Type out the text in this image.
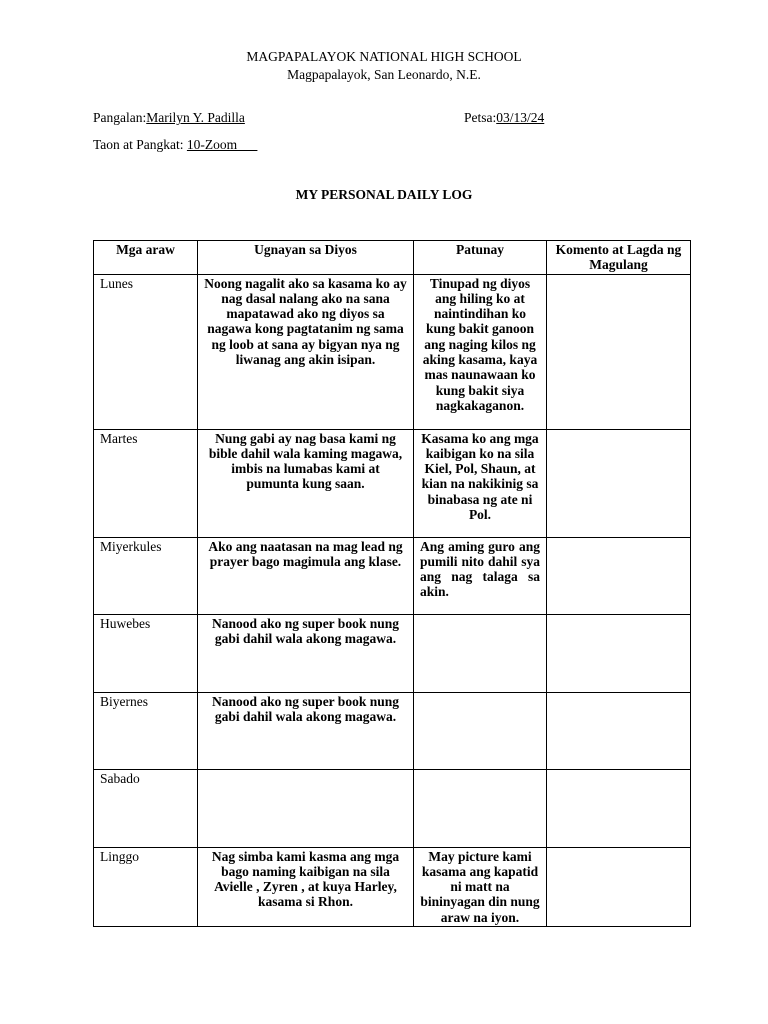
MAGPAPALAYOK NATIONAL HIGH SCHOOL
Magpapalayok, San Leonardo, N.E.
Pangalan:Marilyn Y. Padilla	Petsa:03/13/24
Taon at Pangkat: 10-Zoom
MY PERSONAL DAILY LOG
Mga araw	Ugnayan sa Diyos	Patunay	Komento at Lagda ng Magulang
Lunes	Noong nagalit ako sa kasama ko ay nag dasal nalang ako na sana mapatawad ako ng diyos sa nagawa kong pagtatanim ng sama ng loob at sana ay bigyan nya ng liwanag ang akin isipan.	Tinupad ng diyos ang hiling ko at naintindihan ko kung bakit ganoon ang naging kilos ng aking kasama, kaya mas naunawaan ko kung bakit siya nagkakaganon.	
Martes	Nung gabi ay nag basa kami ng bible dahil wala kaming magawa, imbis na lumabas kami at pumunta kung saan.	Kasama ko ang mga kaibigan ko na sila Kiel, Pol, Shaun, at kian na nakikinig sa binabasa ng ate ni Pol.	
Miyerkules	Ako ang naatasan na mag lead ng prayer bago magimula ang klase.	Ang aming guro ang pumili nito dahil sya ang nag talaga sa akin.	
Huwebes	Nanood ako ng super book nung gabi dahil wala akong magawa.		
Biyernes	Nanood ako ng super book nung gabi dahil wala akong magawa.		
Sabado			
Linggo	Nag simba kami kasma ang mga bago naming kaibigan na sila Avielle , Zyren , at kuya Harley, kasama si Rhon.	May picture kami kasama ang kapatid ni matt na bininyagan din nung araw na iyon.	
